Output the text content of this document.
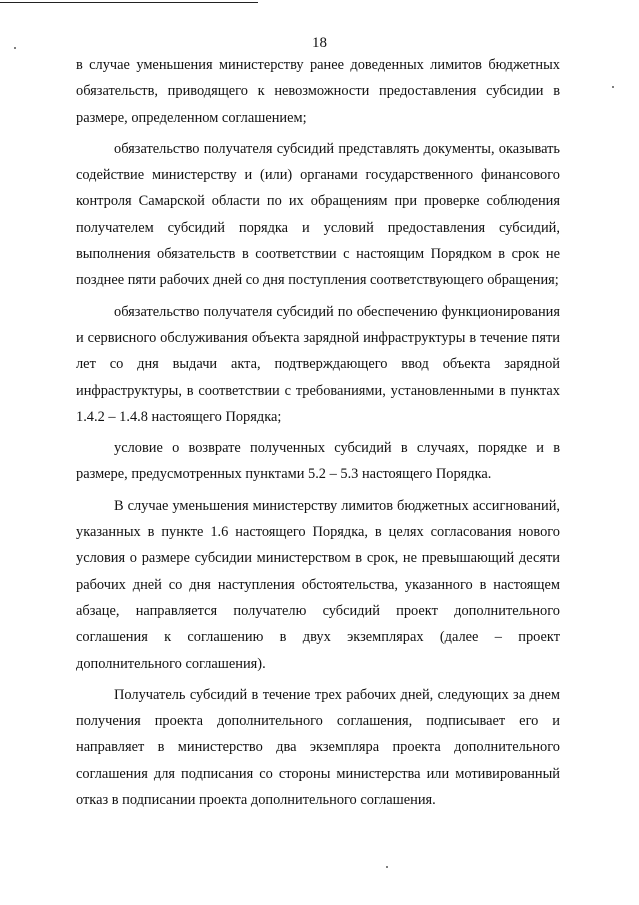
18

в случае уменьшения министерству ранее доведенных лимитов бюджетных обязательств, приводящего к невозможности предоставления субсидии в размере, определенном соглашением;

обязательство получателя субсидий представлять документы, оказывать содействие министерству и (или) органами государственного финансового контроля Самарской области по их обращениям при проверке соблюдения получателем субсидий порядка и условий предоставления субсидий, выполнения обязательств в соответствии с настоящим Порядком в срок не позднее пяти рабочих дней со дня поступления соответствующего обращения;

обязательство получателя субсидий по обеспечению функционирования и сервисного обслуживания объекта зарядной инфраструктуры в течение пяти лет со дня выдачи акта, подтверждающего ввод объекта зарядной инфраструктуры, в соответствии с требованиями, установленными в пунктах 1.4.2 – 1.4.8 настоящего Порядка;

условие о возврате полученных субсидий в случаях, порядке и в размере, предусмотренных пунктами 5.2 – 5.3 настоящего Порядка.

В случае уменьшения министерству лимитов бюджетных ассигнований, указанных в пункте 1.6 настоящего Порядка, в целях согласования нового условия о размере субсидии министерством в срок, не превышающий десяти рабочих дней со дня наступления обстоятельства, указанного в настоящем абзаце, направляется получателю субсидий проект дополнительного соглашения к соглашению в двух экземплярах (далее – проект дополнительного соглашения).

Получатель субсидий в течение трех рабочих дней, следующих за днем получения проекта дополнительного соглашения, подписывает его и направляет в министерство два экземпляра проекта дополнительного соглашения для подписания со стороны министерства или мотивированный отказ в подписании проекта дополнительного соглашения.
